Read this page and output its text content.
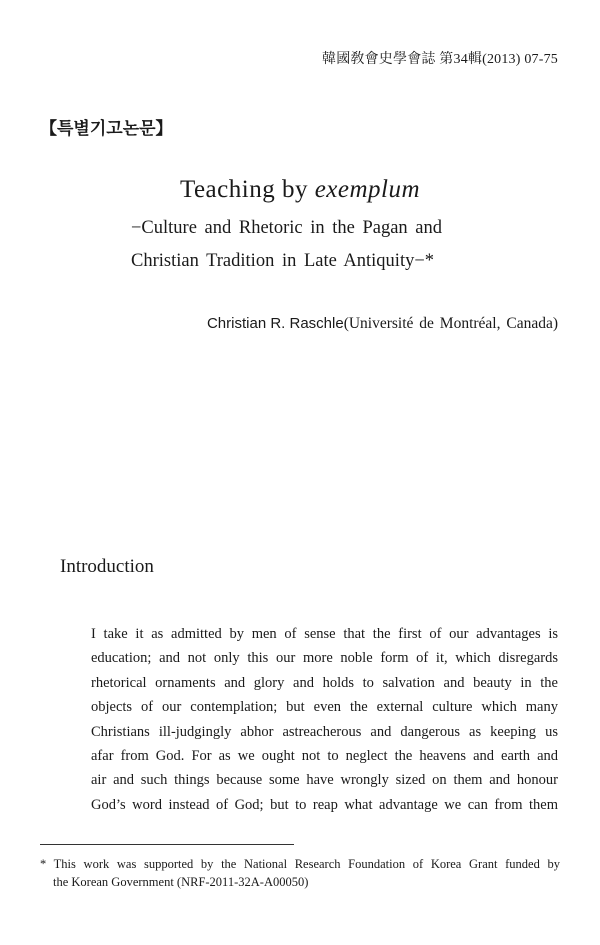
韓國敎會史學會誌 第34輯(2013) 07-75
【특별기고논문】
Teaching by exemplum
−Culture and Rhetoric in the Pagan and
Christian Tradition in Late Antiquity−*
Christian R. Raschle(Université de Montréal, Canada)
Introduction
I take it as admitted by men of sense that the first of our advantages is
education; and not only this our more noble form of it, which disregards
rhetorical ornaments and glory and holds to salvation and beauty in the
objects of our contemplation; but even the external culture which many
Christians ill-judgingly abhor astreacherous and dangerous as keeping us
afar from God. For as we ought not to neglect the heavens and earth and
air and such things because some have wrongly sized on them and honour
God’s word instead of God; but to reap what advantage we can from them
* This work was supported by the National Research Foundation of Korea Grant funded by
the Korean Government (NRF-2011-32A-A00050)
